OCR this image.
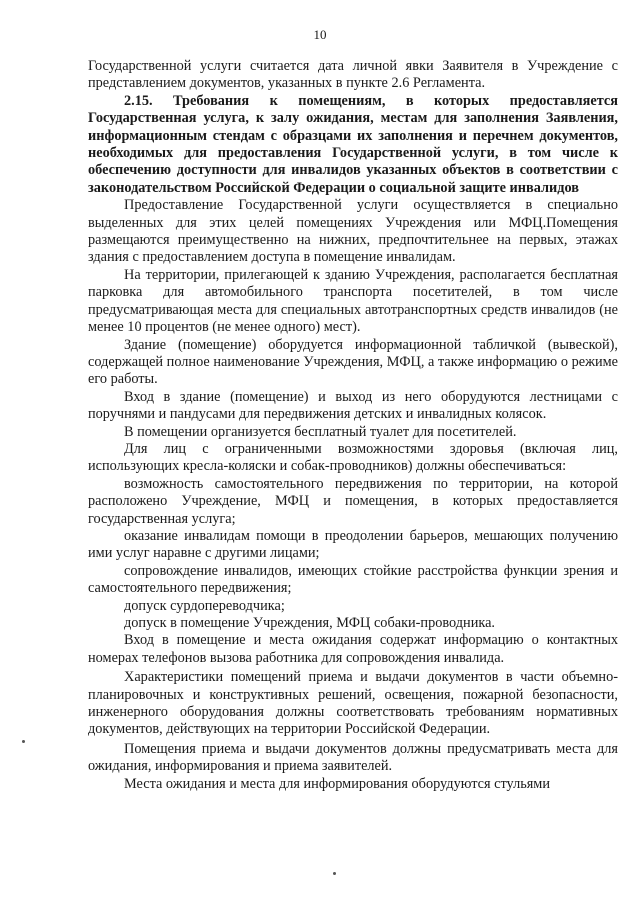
10

Государственной услуги считается дата личной явки Заявителя в Учреждение с представлением документов, указанных в пункте 2.6 Регламента.

2.15. Требования к помещениям, в которых предоставляется Государственная услуга, к залу ожидания, местам для заполнения Заявления, информационным стендам с образцами их заполнения и перечнем документов, необходимых для предоставления Государственной услуги, в том числе к обеспечению доступности для инвалидов указанных объектов в соответствии с законодательством Российской Федерации о социальной защите инвалидов

Предоставление Государственной услуги осуществляется в специально выделенных для этих целей помещениях Учреждения или МФЦ.Помещения размещаются преимущественно на нижних, предпочтительнее на первых, этажах здания с предоставлением доступа в помещение инвалидам.

На территории, прилегающей к зданию Учреждения, располагается бесплатная парковка для автомобильного транспорта посетителей, в том числе предусматривающая места для специальных автотранспортных средств инвалидов (не менее 10 процентов (не менее одного) мест).

Здание (помещение) оборудуется информационной табличкой (вывеской), содержащей полное наименование Учреждения, МФЦ, а также информацию о режиме его работы.

Вход в здание (помещение) и выход из него оборудуются лестницами с поручнями и пандусами для передвижения детских и инвалидных колясок.

В помещении организуется бесплатный туалет для посетителей.

Для лиц с ограниченными возможностями здоровья (включая лиц, использующих кресла-коляски и собак-проводников) должны обеспечиваться:

возможность самостоятельного передвижения по территории, на которой расположено Учреждение, МФЦ и помещения, в которых предоставляется государственная услуга;

оказание инвалидам помощи в преодолении барьеров, мешающих получению ими услуг наравне с другими лицами;

сопровождение инвалидов, имеющих стойкие расстройства функции зрения и самостоятельного передвижения;

допуск сурдопереводчика;

допуск в помещение Учреждения, МФЦ собаки-проводника.

Вход в помещение и места ожидания содержат информацию о контактных номерах телефонов вызова работника для сопровождения инвалида.

Характеристики помещений приема и выдачи документов в части объемно-планировочных и конструктивных решений, освещения, пожарной безопасности, инженерного оборудования должны соответствовать требованиям нормативных документов, действующих на территории Российской Федерации.

Помещения приема и выдачи документов должны предусматривать места для ожидания, информирования и приема заявителей.

Места ожидания и места для информирования оборудуются стульями
